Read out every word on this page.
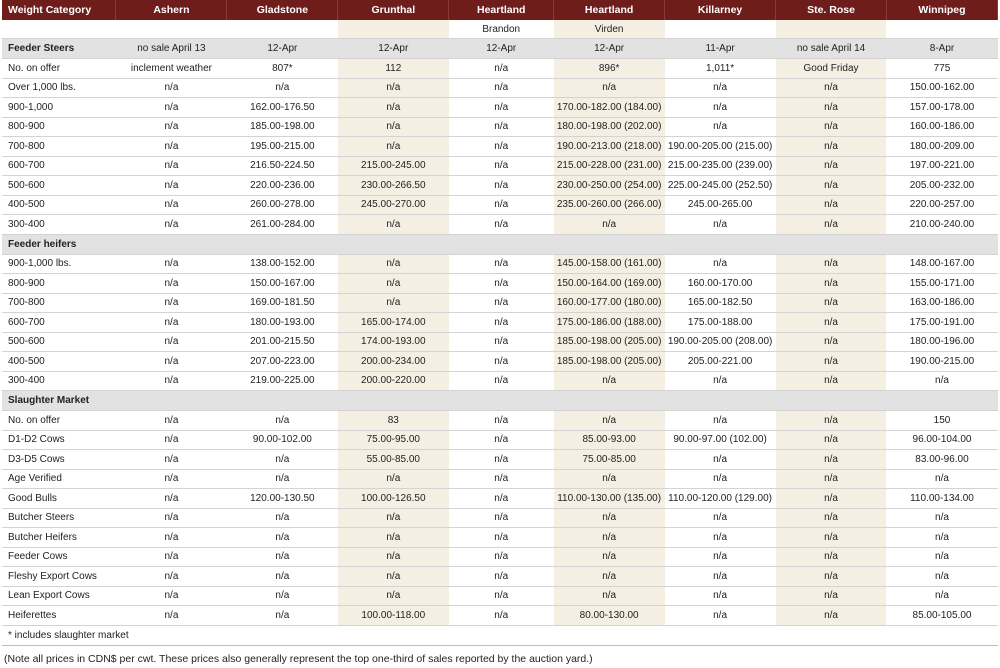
Weight Category	Ashern	Gladstone	Grunthal	Heartland	Heartland	Killarney	Ste. Rose	Winnipeg
				Brandon	Virden			
Feeder Steers	no sale April 13	12-Apr	12-Apr	12-Apr	12-Apr	11-Apr	no sale April 14	8-Apr
No. on offer	inclement weather	807*	112	n/a	896*	1,011*	Good Friday	775
Over 1,000 lbs.	n/a	n/a	n/a	n/a	n/a	n/a	n/a	150.00-162.00
900-1,000	n/a	162.00-176.50	n/a	n/a	170.00-182.00 (184.00)	n/a	n/a	157.00-178.00
800-900	n/a	185.00-198.00	n/a	n/a	180.00-198.00 (202.00)	n/a	n/a	160.00-186.00
700-800	n/a	195.00-215.00	n/a	n/a	190.00-213.00 (218.00)	190.00-205.00 (215.00)	n/a	180.00-209.00
600-700	n/a	216.50-224.50	215.00-245.00	n/a	215.00-228.00 (231.00)	215.00-235.00 (239.00)	n/a	197.00-221.00
500-600	n/a	220.00-236.00	230.00-266.50	n/a	230.00-250.00 (254.00)	225.00-245.00 (252.50)	n/a	205.00-232.00
400-500	n/a	260.00-278.00	245.00-270.00	n/a	235.00-260.00 (266.00)	245.00-265.00	n/a	220.00-257.00
300-400	n/a	261.00-284.00	n/a	n/a	n/a	n/a	n/a	210.00-240.00
Feeder heifers								
900-1,000 lbs.	n/a	138.00-152.00	n/a	n/a	145.00-158.00 (161.00)	n/a	n/a	148.00-167.00
800-900	n/a	150.00-167.00	n/a	n/a	150.00-164.00 (169.00)	160.00-170.00	n/a	155.00-171.00
700-800	n/a	169.00-181.50	n/a	n/a	160.00-177.00 (180.00)	165.00-182.50	n/a	163.00-186.00
600-700	n/a	180.00-193.00	165.00-174.00	n/a	175.00-186.00 (188.00)	175.00-188.00	n/a	175.00-191.00
500-600	n/a	201.00-215.50	174.00-193.00	n/a	185.00-198.00 (205.00)	190.00-205.00 (208.00)	n/a	180.00-196.00
400-500	n/a	207.00-223.00	200.00-234.00	n/a	185.00-198.00 (205.00)	205.00-221.00	n/a	190.00-215.00
300-400	n/a	219.00-225.00	200.00-220.00	n/a	n/a	n/a	n/a	n/a
Slaughter Market								
No. on offer	n/a	n/a	83	n/a	n/a	n/a	n/a	150
D1-D2 Cows	n/a	90.00-102.00	75.00-95.00	n/a	85.00-93.00	90.00-97.00 (102.00)	n/a	96.00-104.00
D3-D5 Cows	n/a	n/a	55.00-85.00	n/a	75.00-85.00	n/a	n/a	83.00-96.00
Age Verified	n/a	n/a	n/a	n/a	n/a	n/a	n/a	n/a
Good Bulls	n/a	120.00-130.50	100.00-126.50	n/a	110.00-130.00 (135.00)	110.00-120.00 (129.00)	n/a	110.00-134.00
Butcher Steers	n/a	n/a	n/a	n/a	n/a	n/a	n/a	n/a
Butcher Heifers	n/a	n/a	n/a	n/a	n/a	n/a	n/a	n/a
Feeder Cows	n/a	n/a	n/a	n/a	n/a	n/a	n/a	n/a
Fleshy Export Cows	n/a	n/a	n/a	n/a	n/a	n/a	n/a	n/a
Lean Export Cows	n/a	n/a	n/a	n/a	n/a	n/a	n/a	n/a
Heiferettes	n/a	n/a	100.00-118.00	n/a	80.00-130.00	n/a	n/a	85.00-105.00
* includes slaughter market
(Note all prices in CDN$ per cwt. These prices also generally represent the top one-third of sales reported by the auction yard.)
